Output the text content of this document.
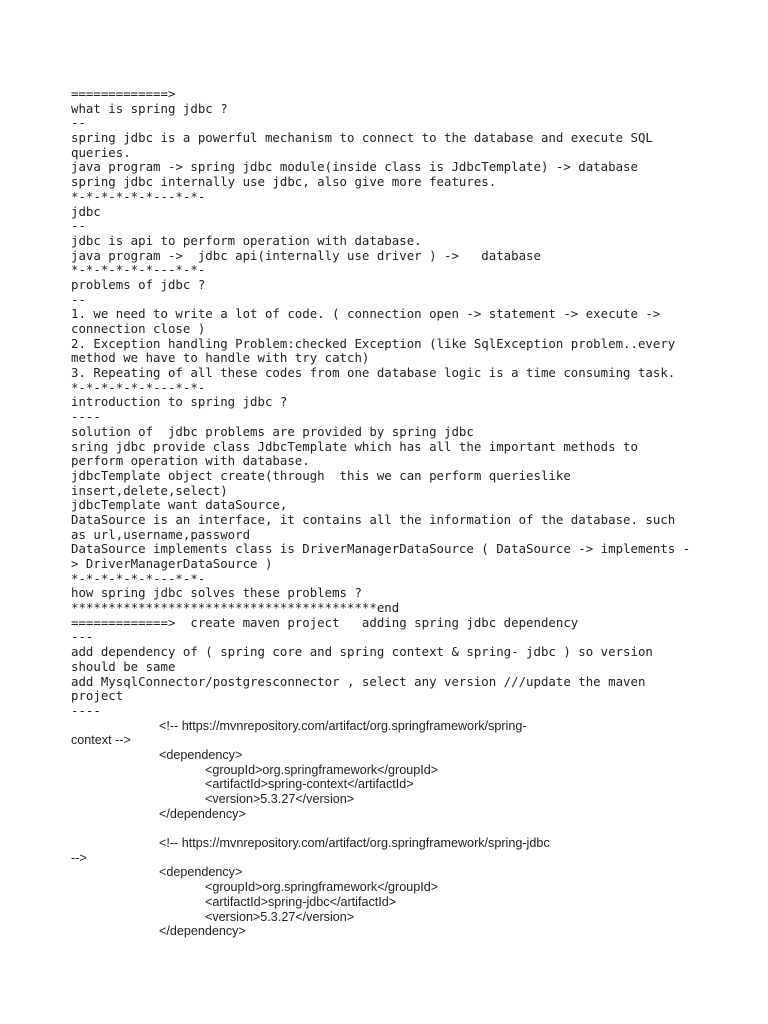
=============>
what is spring jdbc ?
--
spring jdbc is a powerful mechanism to connect to the database and execute SQL
queries.
java program -> spring jdbc module(inside class is JdbcTemplate) -> database
spring jdbc internally use jdbc, also give more features.
*-*-*-*-*-*---*-*-
jdbc
--
jdbc is api to perform operation with database.
java program ->  jdbc api(internally use driver ) ->   database
*-*-*-*-*-*---*-*-
problems of jdbc ?
--
1. we need to write a lot of code. ( connection open -> statement -> execute ->
connection close )
2. Exception handling Problem:checked Exception (like SqlException problem..every
method we have to handle with try catch)
3. Repeating of all these codes from one database logic is a time consuming task.
*-*-*-*-*-*---*-*-
introduction to spring jdbc ?
----
solution of  jdbc problems are provided by spring jdbc
sring jdbc provide class JdbcTemplate which has all the important methods to
perform operation with database.
jdbcTemplate object create(through  this we can perform querieslike
insert,delete,select)
jdbcTemplate want dataSource,
DataSource is an interface, it contains all the information of the database. such
as url,username,password
DataSource implements class is DriverManagerDataSource ( DataSource -> implements -
> DriverManagerDataSource )
*-*-*-*-*-*---*-*-
how spring jdbc solves these problems ?
*****************************************end
=============>  create maven project   adding spring jdbc dependency
---
add dependency of ( spring core and spring context & spring- jdbc ) so version
should be same
add MysqlConnector/postgresconnector , select any version ///update the maven
project
----
<!-- https://mvnrepository.com/artifact/org.springframework/spring-
context -->
<dependency>
<groupId>org.springframework</groupId>
<artifactId>spring-context</artifactId>
<version>5.3.27</version>
</dependency>
<!-- https://mvnrepository.com/artifact/org.springframework/spring-jdbc
-->
<dependency>
<groupId>org.springframework</groupId>
<artifactId>spring-jdbc</artifactId>
<version>5.3.27</version>
</dependency>
